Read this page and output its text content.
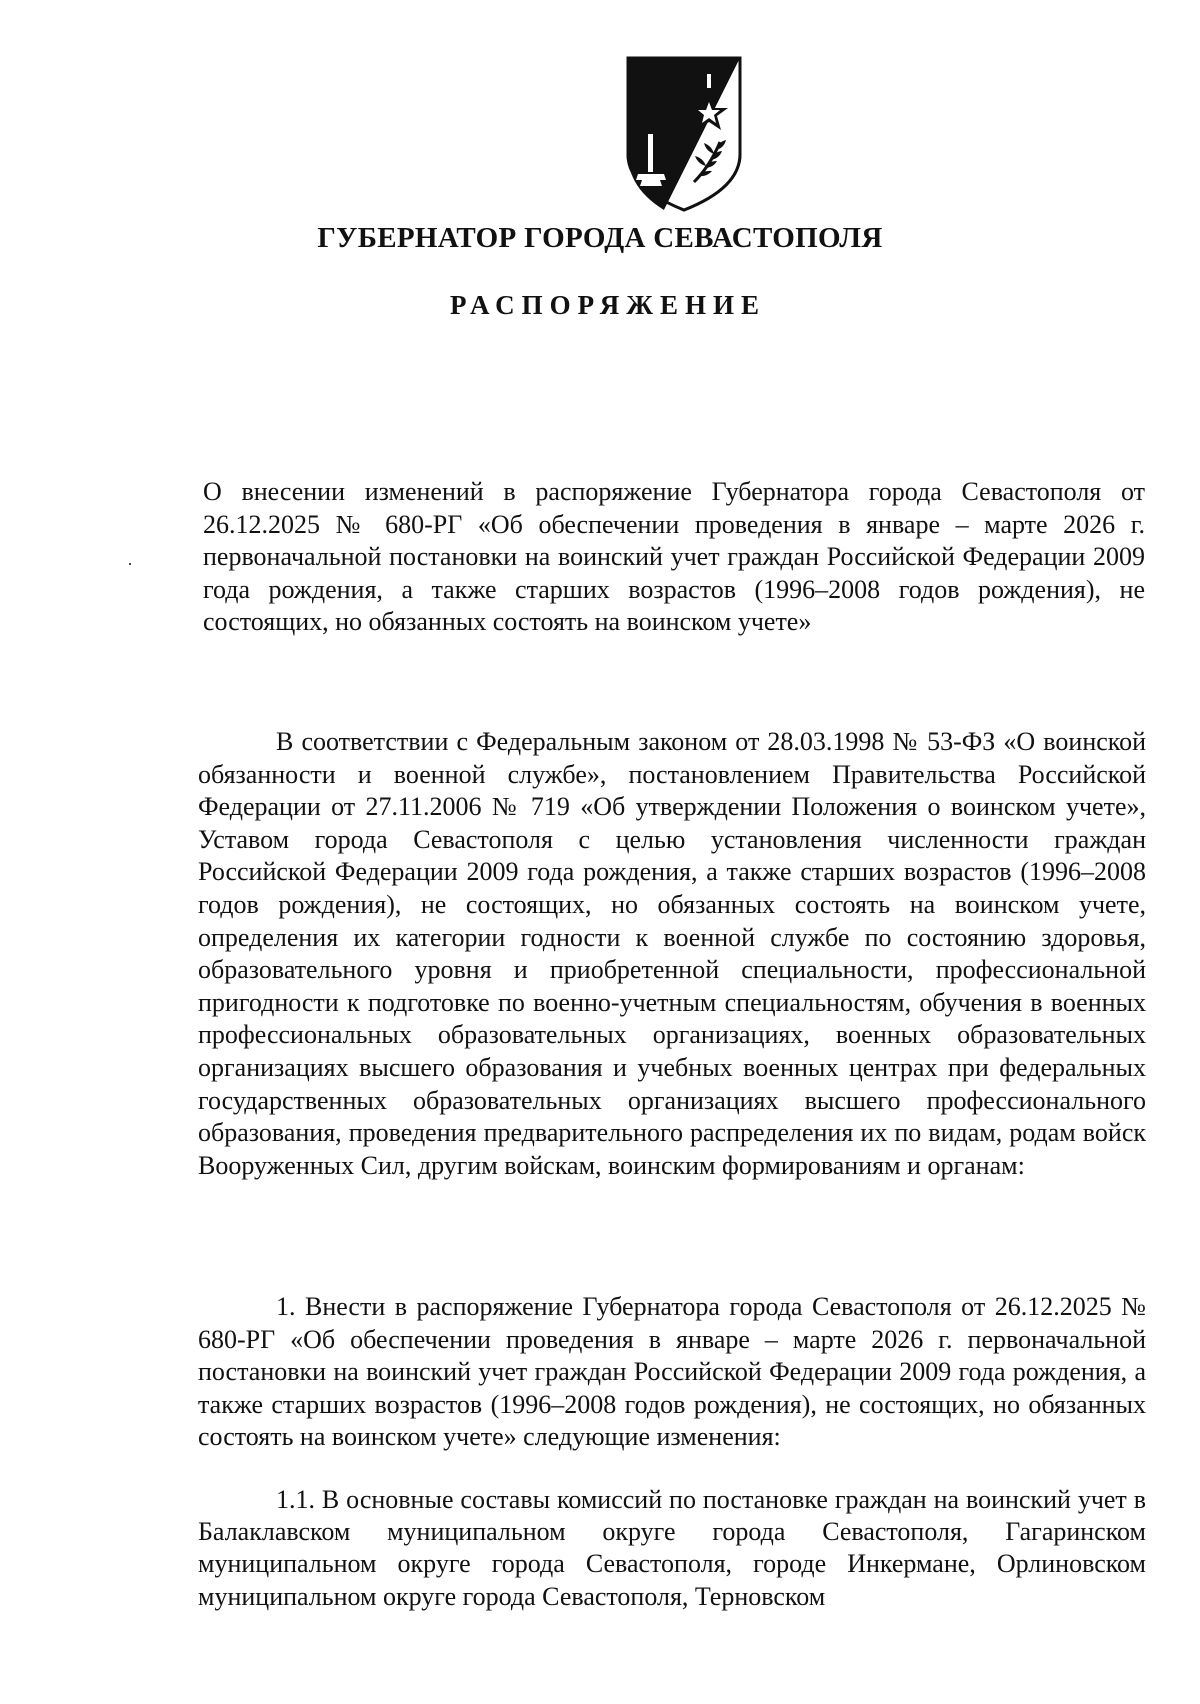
ГУБЕРНАТОР ГОРОДА СЕВАСТОПОЛЯ
РАСПОРЯЖЕНИЕ
О внесении изменений в распоряжение Губернатора города Севастополя от 26.12.2025 № 680-РГ «Об обеспечении проведения в январе – марте 2026 г. первоначальной постановки на воинский учет граждан Российской Федерации 2009 года рождения, а также старших возрастов (1996–2008 годов рождения), не состоящих, но обязанных состоять на воинском учете»

В соответствии с Федеральным законом от 28.03.1998 № 53-ФЗ «О воинской обязанности и военной службе», постановлением Правительства Российской Федерации от 27.11.2006 № 719 «Об утверждении Положения о воинском учете», Уставом города Севастополя с целью установления численности граждан Российской Федерации 2009 года рождения, а также старших возрастов (1996–2008 годов рождения), не состоящих, но обязанных состоять на воинском учете, определения их категории годности к военной службе по состоянию здоровья, образовательного уровня и приобретенной специальности, профессиональной пригодности к подготовке по военно-учетным специальностям, обучения в военных профессиональных образовательных организациях, военных образовательных организациях высшего образования и учебных военных центрах при федеральных государственных образовательных организациях высшего профессионального образования, проведения предварительного распределения их по видам, родам войск Вооруженных Сил, другим войскам, воинским формированиям и органам:

1. Внести в распоряжение Губернатора города Севастополя от 26.12.2025 № 680-РГ «Об обеспечении проведения в январе – марте 2026 г. первоначальной постановки на воинский учет граждан Российской Федерации 2009 года рождения, а также старших возрастов (1996–2008 годов рождения), не состоящих, но обязанных состоять на воинском учете» следующие изменения:

1.1. В основные составы комиссий по постановке граждан на воинский учет в Балаклавском муниципальном округе города Севастополя, Гагаринском муниципальном округе города Севастополя, городе Инкермане, Орлиновском муниципальном округе города Севастополя, Терновском
